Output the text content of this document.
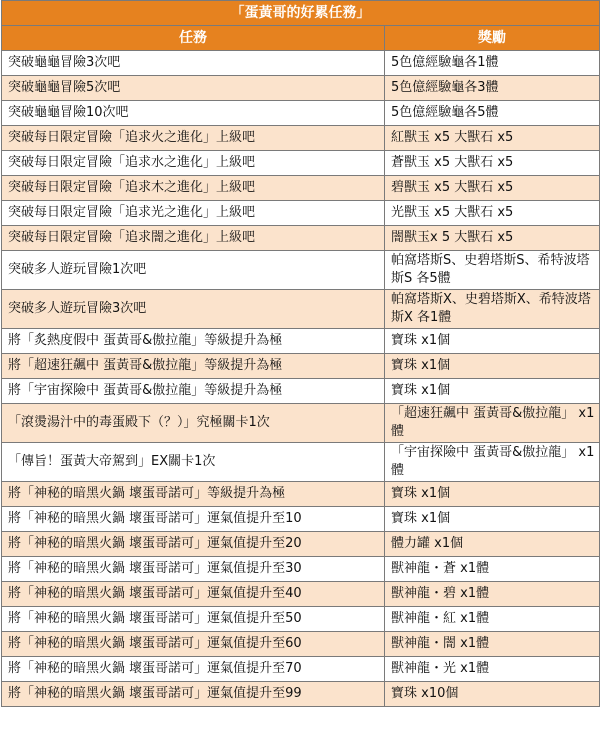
「蛋黃哥的好累任務」	
任務	獎勵
突破龜龜冒險3次吧	5色億經驗龜各1體
突破龜龜冒險5次吧	5色億經驗龜各3體
突破龜龜冒險10次吧	5色億經驗龜各5體
突破每日限定冒險「追求火之進化」上級吧	紅獸玉 x5 大獸石 x5
突破每日限定冒險「追求水之進化」上級吧	蒼獸玉 x5 大獸石 x5
突破每日限定冒險「追求木之進化」上級吧	碧獸玉 x5 大獸石 x5
突破每日限定冒險「追求光之進化」上級吧	光獸玉 x5 大獸石 x5
突破每日限定冒險「追求闇之進化」上級吧	闇獸玉x 5 大獸石 x5
突破多人遊玩冒險1次吧	帕窩塔斯S、史碧塔斯S、希特波塔斯S 各5體
突破多人遊玩冒險3次吧	帕窩塔斯X、史碧塔斯X、希特波塔斯X 各1體
將「炙熱度假中 蛋黃哥&傲拉龍」等級提升為極	寶珠 x1個
將「超速狂飆中 蛋黃哥&傲拉龍」等級提升為極	寶珠 x1個
將「宇宙探險中 蛋黃哥&傲拉龍」等級提升為極	寶珠 x1個
「滾燙湯汁中的毒蛋殿下（？）」究極關卡1次	「超速狂飆中 蛋黃哥&傲拉龍」 x1體
「傳旨！蛋黃大帝駕到」EX關卡1次	「宇宙探險中 蛋黃哥&傲拉龍」 x1體
將「神秘的暗黑火鍋 壞蛋哥諾可」等級提升為極	寶珠 x1個
將「神秘的暗黑火鍋 壞蛋哥諾可」運氣值提升至10	寶珠 x1個
將「神秘的暗黑火鍋 壞蛋哥諾可」運氣值提升至20	體力罐 x1個
將「神秘的暗黑火鍋 壞蛋哥諾可」運氣值提升至30	獸神龍・蒼 x1體
將「神秘的暗黑火鍋 壞蛋哥諾可」運氣值提升至40	獸神龍・碧 x1體
將「神秘的暗黑火鍋 壞蛋哥諾可」運氣值提升至50	獸神龍・紅 x1體
將「神秘的暗黑火鍋 壞蛋哥諾可」運氣值提升至60	獸神龍・闇 x1體
將「神秘的暗黑火鍋 壞蛋哥諾可」運氣值提升至70	獸神龍・光 x1體
將「神秘的暗黑火鍋 壞蛋哥諾可」運氣值提升至99	寶珠 x10個
